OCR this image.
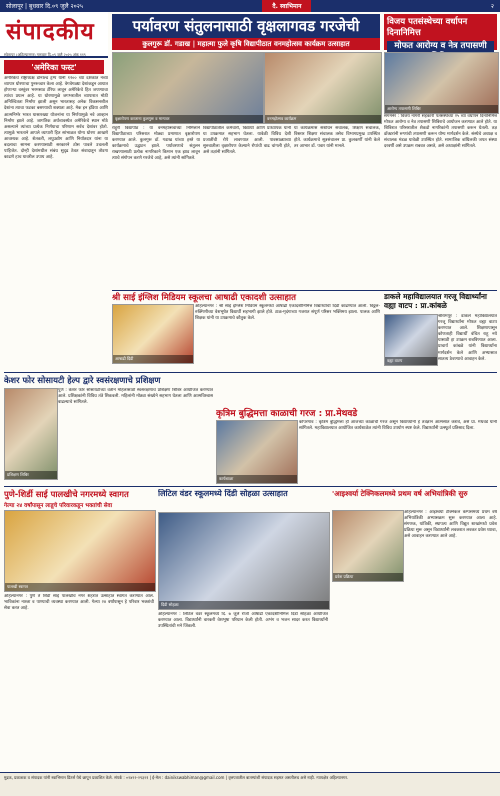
सोलापूर | बुधवार दि.०९ जुलै २०२५	दै. स्वाभिमान	२
संपादकीय
सोलापूर (अहिल्यानगर) गुरूवार दि.०९ जुलै २०२५ अंक ११९
पर्यावरण संतुलनासाठी वृक्षलागवड गरजेची
कुलगुरू डॉ. गडाख | महात्मा फुले कृषि विद्यापीठात वनमहोत्सव कार्यक्रम उत्साहात
विजय पतसंस्थेच्या वर्धापन दिनानिमित्त
मोफत आरोग्य व नेत्र तपासणी
'अमेरिका फस्ट'
अमेरिकेचे राष्ट्राध्यक्ष डोनाल्ड ट्रम्प यांनी १२०० च्या दशकात नव्या व्यापार धोरणाचा पुनरुच्चार केला आहे. वेगवेगळ्या देशांकडून आयात होणाऱ्या वस्तूंवर भरमसाठ टॅरिफ लावून अमेरिकेचे हित जपण्याचा त्यांचा प्रयत्न आहे. या धोरणामुळे जगभरातील व्यापारात मोठी अनिश्चितता निर्माण झाली असून भारतासह अनेक विकसनशील देशांना त्याचा फटका बसण्याची शक्यता आहे. मेक इन इंडिया आणि आत्मनिर्भर भारत यासारख्या योजनांना या निर्णयामुळे नवे आव्हान निर्माण झाले आहे. जागतिक अर्थव्यवस्थेत अमेरिकेचे स्थान मोठे असल्याने त्यांच्या प्रत्येक निर्णयाचा परिणाम सर्वच देशांवर होतो. त्यामुळे भारताने आपले व्यापारी हित सांभाळत योग्य धोरण आखणे आवश्यक आहे. शेतकरी, लघुउद्योग आणि निर्यातदार यांना या बदलाचा सामना करण्यासाठी सरकारने ठोस पावले उचलली पाहिजेत. दोन्ही देशांमधील संबंध सुदृढ ठेवत संवादातून तोडगा काढणे हाच यावरील उपाय आहे.
वृक्षारोपण करताना कुलगुरू व मान्यवर	वनमहोत्सव कार्यक्रम
राहुरी विद्यापीठ : या वनमहोत्सवाच्या निमित्ताने विद्यापीठाच्या परिसरात मोठ्या प्रमाणात वृक्षारोपण करण्यात आले. कुलगुरू डॉ. गडाख यांच्या हस्ते या कार्यक्रमाचे उद्घाटन झाले. पर्यावरणाचे संतुलन राखण्यासाठी प्रत्येक नागरिकाने किमान एक झाड लावून त्याचे संगोपन करणे गरजेचे आहे, असे त्यांनी सांगितले.
विद्यापीठातील कर्मचारी, विद्यार्थी आणि प्राध्यापक यांनी या उपक्रमात सहभाग घेतला. यावेळी विविध देशी प्रजातींची रोपे लावण्यात आली. पावसाळ्याच्या सुरुवातीला वृक्षारोपण केल्याने रोपांची वाढ चांगली होते, असे तज्ञांनी सांगितले.
या कार्यक्रमास संशोधन संचालक, शिक्षण संचालक, विस्तार शिक्षण संचालक तसेच विभागप्रमुख उपस्थित होते. कार्यक्रमाचे सूत्रसंचालन प्रा. कुलकर्णी यांनी केले तर आभार डॉ. पवार यांनी मानले.
आरोग्य तपासणी शिबिर
संगमनेर : विजय नागरी सहकारी पतसंस्थेच्या २५ व्या वर्धापन दिनानिमित्त मोफत आरोग्य व नेत्र तपासणी शिबिराचे आयोजन करण्यात आले होते. या शिबिरात परिसरातील शेकडो नागरिकांनी तपासणी करून घेतली. तज्ञ डॉक्टरांनी रुग्णांची तपासणी करून योग्य मार्गदर्शन केले. संस्थेचे अध्यक्ष व संचालक मंडळ यावेळी उपस्थित होते. सामाजिक बांधिलकी जपत संस्था दरवर्षी असे उपक्रम राबवत असते, असे अध्यक्षांनी सांगितले.
श्री साई इंग्लिश मिडियम स्कूलचा आषाढी एकादशी उत्साहात
आषाढी दिंडी
अहिल्यानगर : श्री साई इंग्लिश मिडियम स्कूलमध्ये आषाढी एकादशीनिमित्त विद्यार्थ्यांची दिंडी काढण्यात आली. विठ्ठल-रुक्मिणीच्या वेशभूषेत विद्यार्थी सहभागी झाले होते. टाळ-मृदंगाच्या गजरात संपूर्ण परिसर भक्तिमय झाला. पालक आणि शिक्षक यांनी या उपक्रमाचे कौतुक केले.
डाकले महाविद्यालयात गरजू विद्यार्थ्यांना वह्या वाटप : प्रा.कांबळे
वह्या वाटप
श्रीरामपूर : डाकले महाविद्यालयात गरजू विद्यार्थ्यांना मोफत वह्या वाटप करण्यात आले. शिक्षणापासून कोणताही विद्यार्थी वंचित राहू नये यासाठी हा उपक्रम राबविण्यात आला. प्राचार्य कांबळे यांनी विद्यार्थ्यांना मार्गदर्शन केले आणि अभ्यासात सातत्य ठेवण्याचे आवाहन केले.
केशर फोर सोसायटी हेल्प द्वारे स्वसंरक्षणाचे प्रशिक्षण
प्रशिक्षण शिबिर
पुणे : केशर फोर सोसायटीच्या वतीने महिलांसाठी स्वसंरक्षणाचे प्रशिक्षण शिबिर आयोजित करण्यात आले. प्रशिक्षकांनी विविध तंत्रे शिकवली. महिलांनी मोठ्या संख्येने सहभाग घेतला आणि आत्मविश्वास वाढल्याचे सांगितले.
कृत्रिम बुद्धिमत्ता काळाची गरज : प्रा.मेथवडे
कार्यशाळा
कोपरगाव : कृत्रिम बुद्धिमत्ता ही आजच्या काळाची गरज असून विद्यार्थ्यांनी हे तंत्रज्ञान आत्मसात करावे, असे प्रा. मेथवडे यांनी सांगितले. महाविद्यालयात आयोजित कार्यशाळेत त्यांनी विविध उपयोग स्पष्ट केले. विद्यार्थ्यांनी उत्स्फूर्त प्रतिसाद दिला.
पुणे-शिर्डी साई पालखीचे नगरमध्ये स्वागत
गेल्या २४ वर्षांपासून लाडूचे परिवारकडून भक्तांची सेवा
पालखी स्वागत
अहिल्यानगर : पुणे ते शिर्डी साई पालखीचे नगर शहरात उत्साहात स्वागत करण्यात आले. भाविकांना नाश्ता व पाण्याची व्यवस्था करण्यात आली. गेल्या २४ वर्षांपासून हे परिवार भक्तांची सेवा करत आहे.
लिटिल वंडर स्कूलमध्ये दिंडी सोहळा उत्साहात
दिंडी सोहळा
अहिल्यानगर : लिटिल वंडर स्कूलमध्ये दि. ७ जुलै रोजी आषाढी एकादशीनिमित्त दिंडी सोहळा आयोजित करण्यात आला. विद्यार्थ्यांनी वारकरी वेशभूषा परिधान केली होती. अभंग व भजन सादर करत विद्यार्थ्यांनी उपस्थितांची मने जिंकली.
'आइश्वर्या टेक्निकलमध्ये प्रथम वर्ष अभियांत्रिकी सुरु
प्रवेश प्रक्रिया
अहिल्यानगर : आइश्वर्या टेक्निकल कॅम्पसमध्ये प्रथम वर्ष अभियांत्रिकी अभ्यासक्रम सुरू करण्यात आला आहे. संगणक, यांत्रिकी, स्थापत्य आणि विद्युत शाखांमध्ये प्रवेश प्रक्रिया सुरू असून विद्यार्थ्यांनी लवकरात लवकर प्रवेश घ्यावा, असे आवाहन करण्यात आले आहे.
मुद्रक, प्रकाशक व संपादक यांनी स्वाभिमान प्रिंटर्स येथे छापून प्रकाशित केले. संपर्क : ०२४२२-२९३२१ | ई-मेल : dainikswabhiman@gmail.com | वृत्तपत्रातील बातम्यांशी संपादक सहमत असतीलच असे नाही. न्यायक्षेत्र अहिल्यानगर.
